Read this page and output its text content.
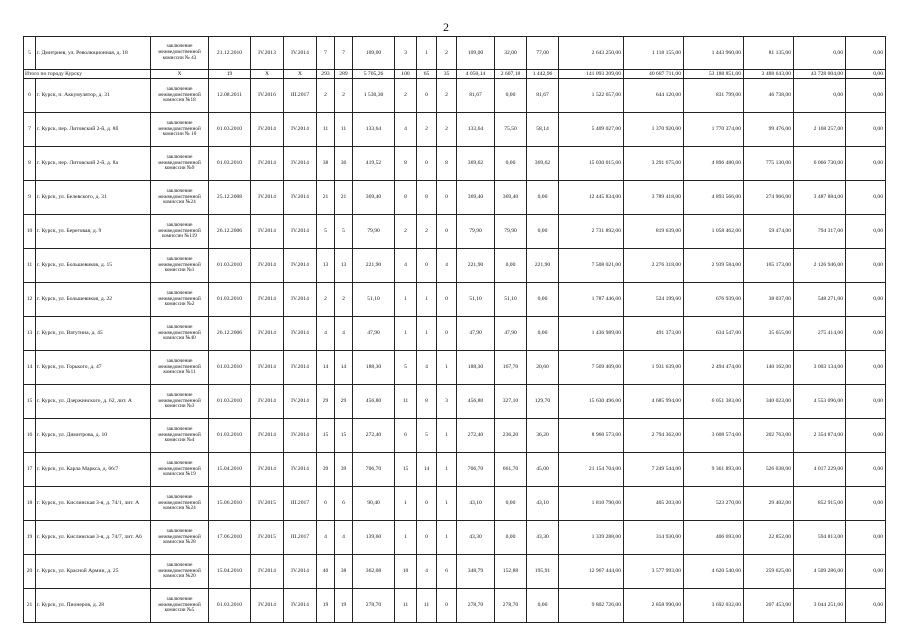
2
5	г. Дмитриев, ул. Революционная, д. 18	заключение межведомственной комиссии № 43	21.12.2010	IV.2013	IV.2014	7	7	109,00	3	1	2	109,00	32,00	77,00	2 643 250,00	1 118 155,00	1 443 960,00	81 135,00	0,00	0,00
Итого по городу Курску		X	19	X	X	293	289	5 705,26	100	65	35	4 050,14	2 607,18	1 442,96	141 093 209,00	40 687 711,00	53 188 851,00	3 488 643,00	43 728 004,00	0,00
6	г. Курск, п. Аккумулятор, д. 31	заключение межведомственной комиссии №18	12.08.2011	IV.2016	III.2017	2	2	1 530,30	2	0	2	81,67	0,00	81,67	1 522 657,00	644 120,00	831 799,00	46 738,00	0,00	0,00
7	г. Курск, пер. Литовский 2-й, д. 8б	заключение межведомственной комиссии № 10	01.03.2010	IV.2014	IV.2014	11	11	133,64	4	2	2	133,64	75,50	58,14	5 409 027,00	1 370 920,00	1 770 374,00	99 476,00	2 168 257,00	0,00
8	г. Курск, пер. Литовский 2-й, д. 8а	заключение межведомственной комиссии №9	01.03.2010	IV.2014	IV.2014	38	36	419,52	8	0	8	369,62	0,00	369,62	15 030 015,00	3 291 675,00	4 896 480,00	775 130,00	6 066 730,00	0,00
9	г. Курск, ул. Белевского, д. 31	заключение межведомственной комиссии №24	25.12.2008	IV.2014	IV.2014	21	21	369,40	8	8	0	369,40	369,40	0,00	12 445 834,00	3 789 418,00	4 893 566,00	274 966,00	3 487 884,00	0,00
10	г. Курск, ул. Береговая, д. 9	заключение межведомственной комиссии №119	26.12.2006	IV.2014	IV.2014	5	5	79,90	2	2	0	79,90	79,90	0,00	2 731 892,00	819 639,00	1 058 462,00	59 474,00	794 317,00	0,00
11	г. Курск, ул. Большевиков, д. 15	заключение межведомственной комиссии №1	01.03.2010	IV.2014	IV.2014	13	13	221,90	4	0	4	221,90	0,00	221,90	7 508 021,00	2 276 318,00	2 939 584,00	165 173,00	2 126 946,00	0,00
12	г. Курск, ул. Большевиков, д. 22	заключение межведомственной комиссии №2	01.03.2010	IV.2014	IV.2014	2	2	51,10	1	1	0	51,10	51,10	0,00	1 787 446,00	524 199,00	676 939,00	38 037,00	548 271,00	0,00
13	г. Курск, ул. Ватутина, д. 45	заключение межведомственной комиссии №40	26.12.2006	IV.2014	IV.2014	4	4	47,90	1	1	0	47,90	47,90	0,00	1 436 989,00	491 373,00	634 547,00	35 655,00	275 414,00	0,00
14	г. Курск, ул. Горького, д. 47	заключение межведомственной комиссии №11	01.03.2010	IV.2014	IV.2014	14	14	188,30	5	4	1	188,30	167,70	20,60	7 569 409,00	1 931 639,00	2 494 474,00	140 162,00	3 003 134,00	0,00
15	г. Курск, ул. Дзержинского, д. 62, лит. А	заключение межведомственной комиссии №3	01.03.2010	IV.2014	IV.2014	29	29	456,80	11	8	3	456,80	327,10	129,70	15 630 496,00	4 685 994,00	6 051 383,00	340 023,00	4 553 096,00	0,00
16	г. Курск, ул. Димитрова, д. 10	заключение межведомственной комиссии №4	01.03.2010	IV.2014	IV.2014	15	15	272,40	6	5	1	272,40	236,20	36,20	8 960 573,00	2 794 362,00	3 608 574,00	202 763,00	2 354 874,00	0,00
17	г. Курск, ул. Карла Маркса, д. 66/7	заключение межведомственной комиссии №19	15.04.2010	IV.2014	IV.2014	39	39	706,70	15	14	1	706,70	661,70	45,00	21 154 704,00	7 249 544,00	9 361 893,00	526 038,00	4 017 229,00	0,00
18	г. Курск, ул. Кислинская 3-я, д. 74/1, лит. А	заключение межведомственной комиссии №24	15.06.2010	IV.2015	III.2017	6	6	90,40	1	0	1	43,10	0,00	43,10	1 810 790,00	405 203,00	523 270,00	29 402,00	852 915,00	0,00
19	г. Курск, ул. Кислинская 3-я, д. 74/7, лит. А6	заключение межведомственной комиссии №28	17.06.2010	IV.2015	III.2017	4	4	139,60	1	0	1	43,30	0,00	43,30	1 339 288,00	314 930,00	406 693,00	22 852,00	594 813,00	0,00
20	г. Курск, ул. Красной Армии, д. 25	заключение межведомственной комиссии №20	15.04.2010	IV.2014	IV.2014	40	38	362,08	10	4	6	348,79	152,88	195,91	12 967 444,00	3 577 993,00	4 620 540,00	259 625,00	4 509 286,00	0,00
21	г. Курск, ул. Пионеров, д. 28	заключение межведомственной комиссии №5	01.03.2010	IV.2014	IV.2014	19	19	278,70	11	11	0	278,70	278,70	0,00	9 802 726,00	2 858 990,00	3 692 032,00	207 453,00	3 044 251,00	0,00
